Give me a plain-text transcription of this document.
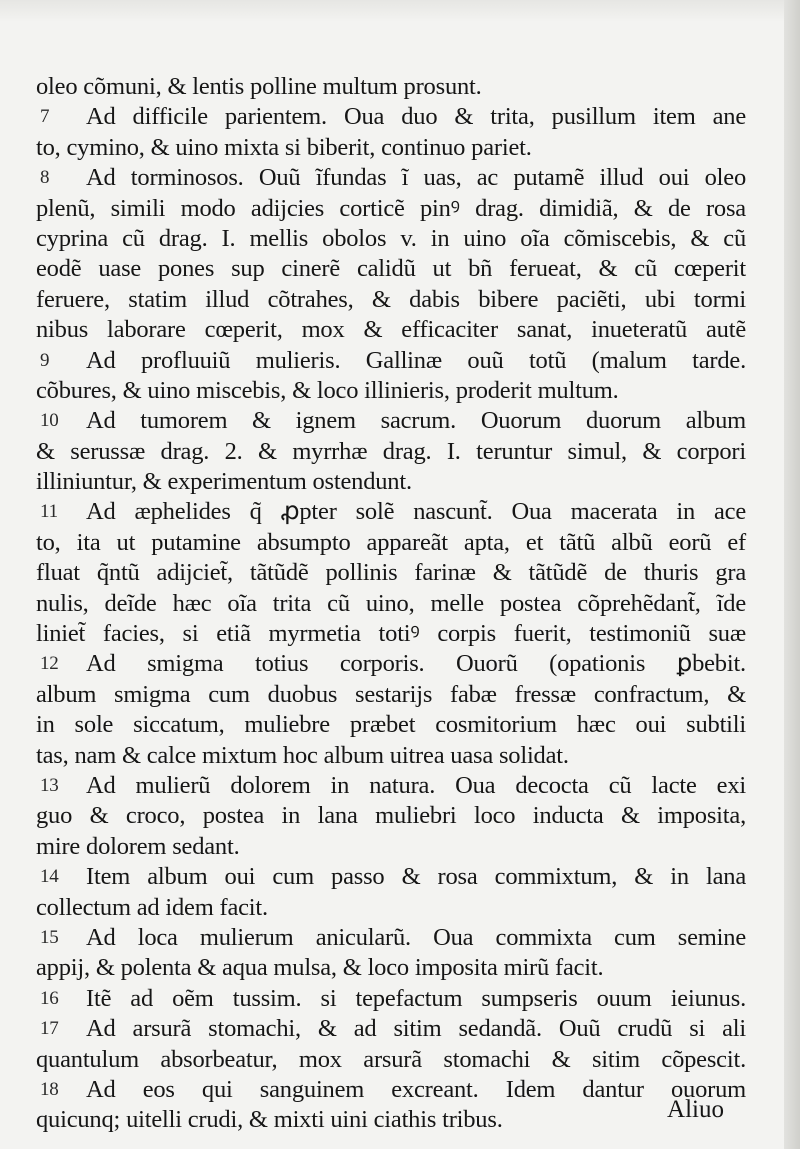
oleo cõmuni, & lentis polline multum prosunt.
7	Ad difficile parientem. Oua duo & trita, pusillum item ane
to, cymino, & uino mixta si biberit, continuo pariet.
8	Ad torminosos. Ouũ ĩfundas ĩ uas, ac putamẽ illud oui oleo
plenũ, simili modo adijcies corticẽ pinꝰ drag. dimidiã, & de rosa
cyprina cũ drag. I. mellis obolos v. in uino oĩa cõmiscebis, & cũ
eodẽ uase pones sup cinerẽ calidũ ut bñ ferueat, & cũ cœperit
feruere, statim illud cõtrahes, & dabis bibere paciẽti, ubi tormi
nibus laborare cœperit, mox & efficaciter sanat, inueteratũ autẽ
9	Ad profluuiũ mulieris. Gallinæ ouũ totũ (malum tarde.
cõbures, & uino miscebis, & loco illinieris, proderit multum.
10	Ad tumorem & ignem sacrum. Ouorum duorum album
& serussæ drag. 2. & myrrhæ drag. I. teruntur simul, & corpori
illiniuntur, & experimentum ostendunt.
11	Ad æphelides q̃ ꝓpter solẽ nascunt̃. Oua macerata in ace
to, ita ut putamine absumpto appareãt apta, et tãtũ albũ eorũ ef
fluat q̃ntũ adijciet̃, tãtũdẽ pollinis farinæ & tãtũdẽ de thuris gra
nulis, deĩde hæc oĩa trita cũ uino, melle postea cõprehẽdant̃, ĩde
liniet̃ facies, si etiã myrmetia totiꝰ corpis fuerit, testimoniũ suæ
12	Ad smigma totius corporis. Ouorũ (opationis ꝑbebit.
album smigma cum duobus sestarijs fabæ fressæ confractum, &
in sole siccatum, muliebre præbet cosmitorium hæc oui subtili
tas, nam & calce mixtum hoc album uitrea uasa solidat.
13	Ad mulierũ dolorem in natura. Oua decocta cũ lacte exi
guo & croco, postea in lana muliebri loco inducta & imposita,
mire dolorem sedant.
14	Item album oui cum passo & rosa commixtum, & in lana
collectum ad idem facit.
15	Ad loca mulierum anicularũ. Oua commixta cum semine
appij, & polenta & aqua mulsa, & loco imposita mirũ facit.
16	Itẽ ad oẽm tussim. si tepefactum sumpseris ouum ieiunus.
17	Ad arsurã stomachi, & ad sitim sedandã. Ouũ crudũ si ali
quantulum absorbeatur, mox arsurã stomachi & sitim cõpescit.
18	Ad eos qui sanguinem excreant. Idem dantur ouorum
quicunq; uitelli crudi, & mixti uini ciathis tribus.	Aliuo
